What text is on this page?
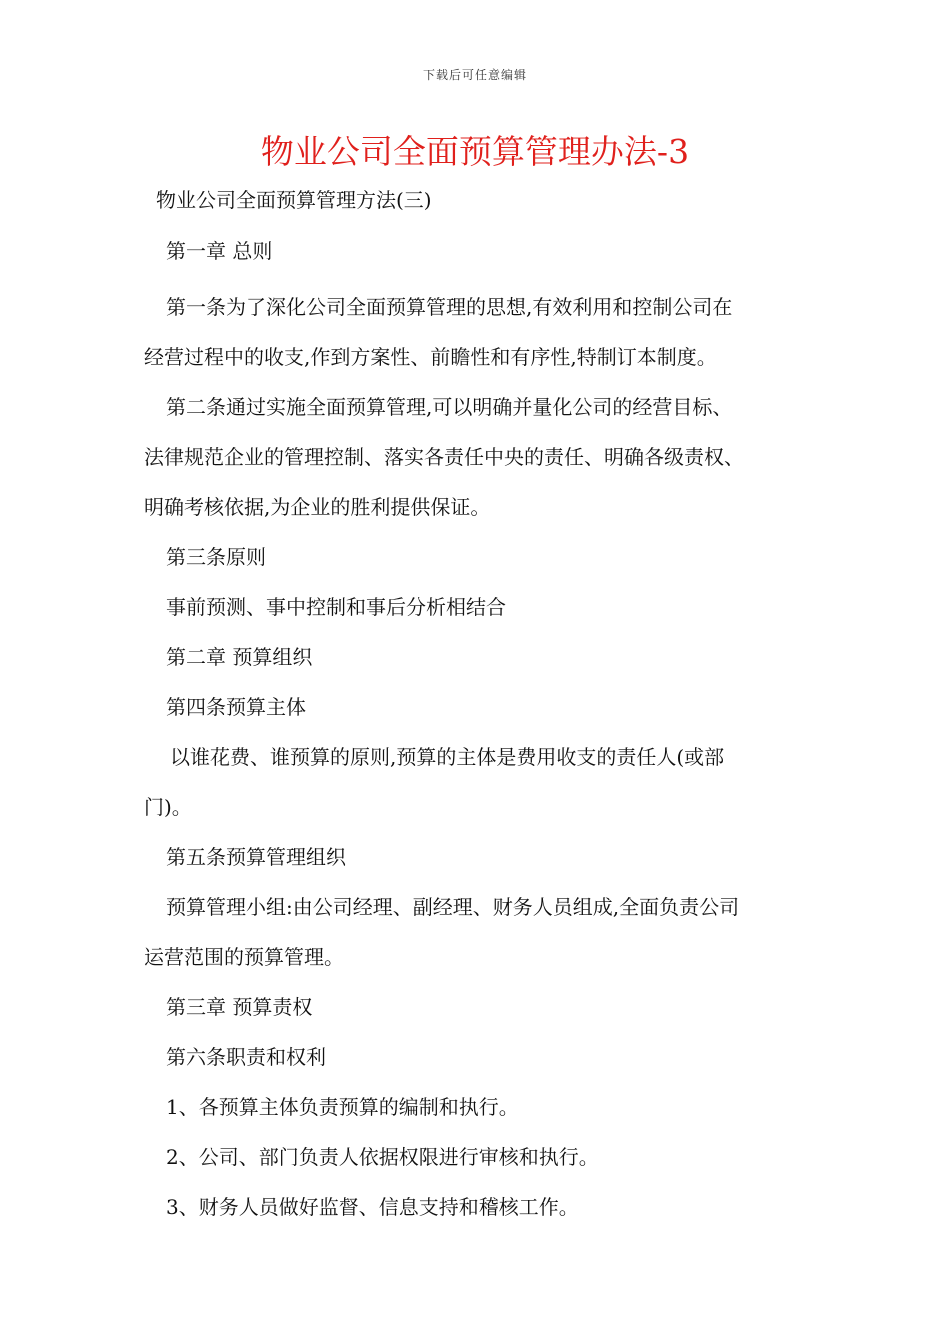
下载后可任意编辑
物业公司全面预算管理办法-3

物业公司全面预算管理方法(三)

第一章 总则

第一条为了深化公司全面预算管理的思想,有效利用和控制公司在

经营过程中的收支,作到方案性、前瞻性和有序性,特制订本制度。

第二条通过实施全面预算管理,可以明确并量化公司的经营目标、

法律规范企业的管理控制、落实各责任中央的责任、明确各级责权、

明确考核依据,为企业的胜利提供保证。

第三条原则

事前预测、事中控制和事后分析相结合

第二章 预算组织

第四条预算主体

以谁花费、谁预算的原则,预算的主体是费用收支的责任人(或部

门)。

第五条预算管理组织

预算管理小组:由公司经理、副经理、财务人员组成,全面负责公司

运营范围的预算管理。

第三章 预算责权

第六条职责和权利

1、各预算主体负责预算的编制和执行。

2、公司、部门负责人依据权限进行审核和执行。

3、财务人员做好监督、信息支持和稽核工作。
